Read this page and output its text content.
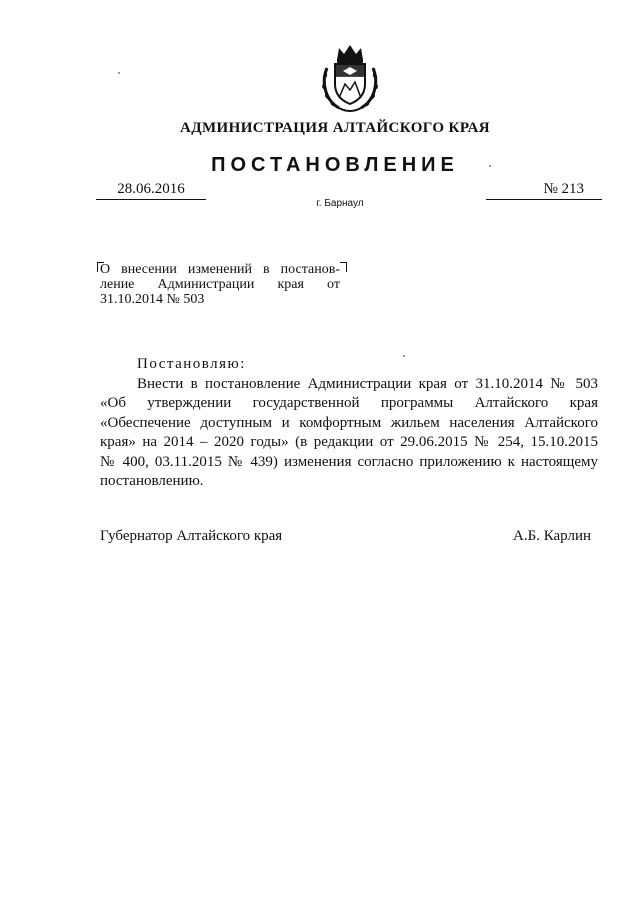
АДМИНИСТРАЦИЯ АЛТАЙСКОГО КРАЯ
ПОСТАНОВЛЕНИЕ
28.06.2016	№ 213
г. Барнаул
О внесении изменений в постанов-
ление Администрации края от
31.10.2014 № 503
Постановляю:
Внести в постановление Администрации края от 31.10.2014 № 503
«Об утверждении государственной программы Алтайского края
«Обеспечение доступным и комфортным жильем населения Алтайского
края» на 2014 – 2020 годы» (в редакции от 29.06.2015 № 254, 15.10.2015
№ 400, 03.11.2015 № 439) изменения согласно приложению к настоящему
постановлению.
Губернатор Алтайского края	А.Б. Карлин
